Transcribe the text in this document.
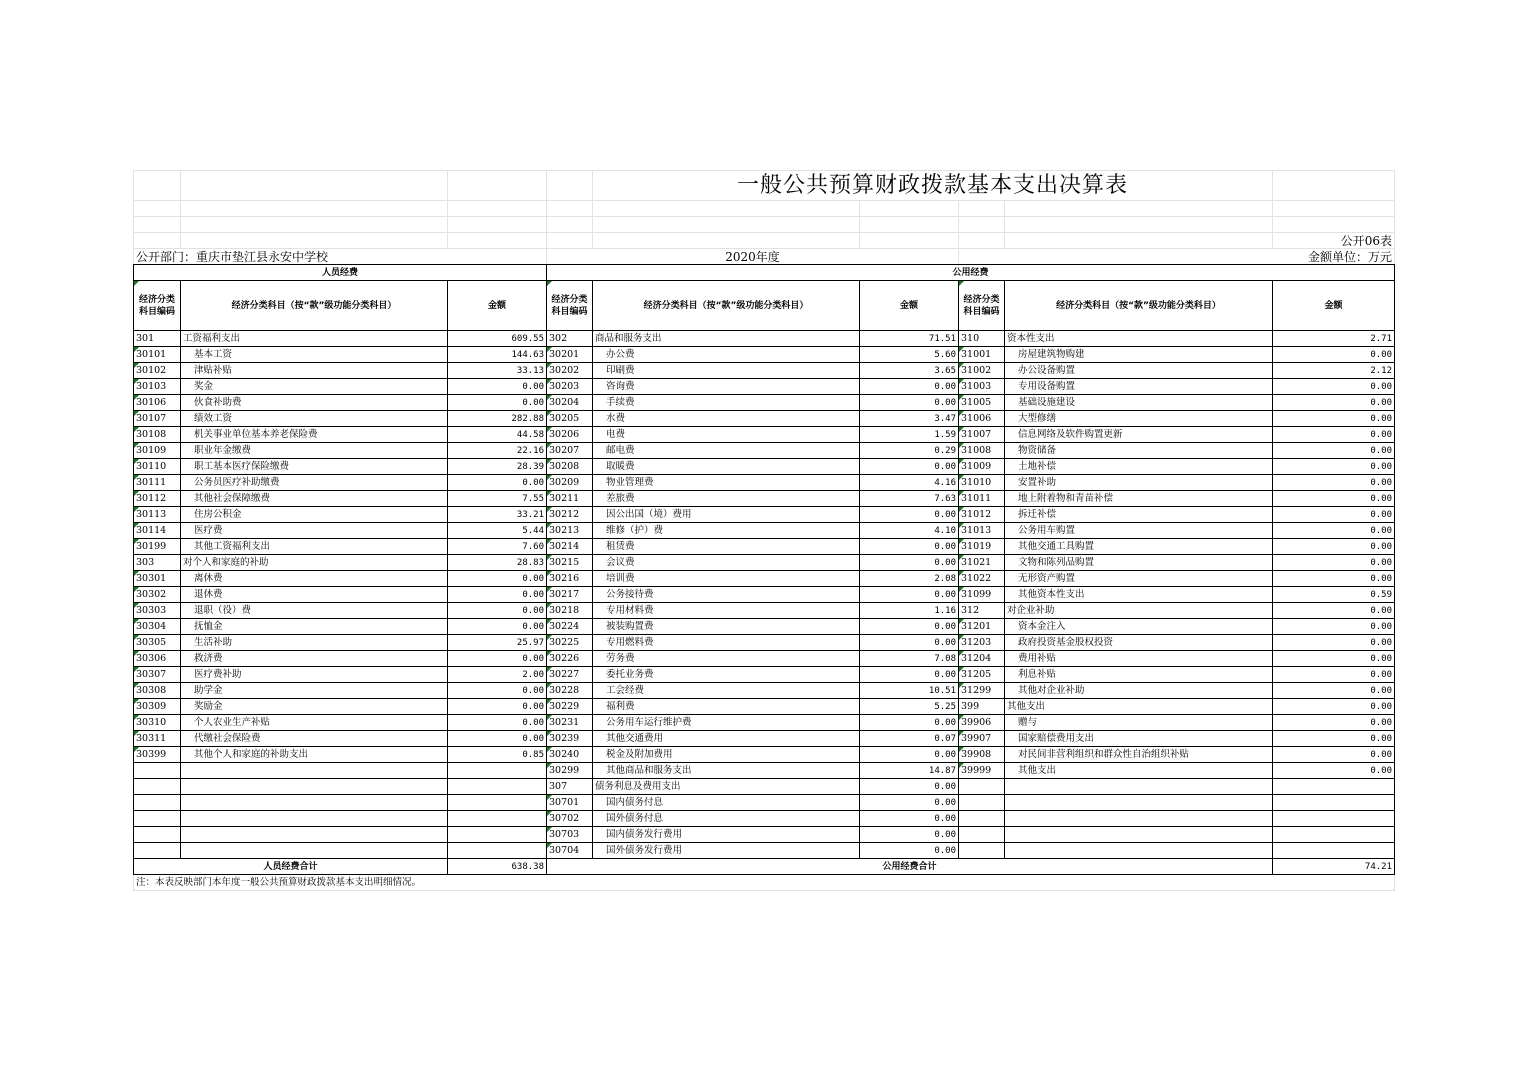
				一般公共预算财政拨款基本支出决算表				

								公开06表
公开部门：重庆市垫江县永安中学校			2020年度			金额单位：万元		
人员经费			公用经费					
经济分类科目编码	经济分类科目（按“款”级功能分类科目）	金额	经济分类科目编码	经济分类科目（按“款”级功能分类科目）	金额	经济分类科目编码	经济分类科目（按“款”级功能分类科目）	金额
301	工资福利支出	609.55	302	商品和服务支出	71.51	310	资本性支出	2.71
30101	基本工资	144.63	30201	办公费	5.60	31001	房屋建筑物购建	0.00
30102	津贴补贴	33.13	30202	印刷费	3.65	31002	办公设备购置	2.12
30103	奖金	0.00	30203	咨询费	0.00	31003	专用设备购置	0.00
30106	伙食补助费	0.00	30204	手续费	0.00	31005	基础设施建设	0.00
30107	绩效工资	282.88	30205	水费	3.47	31006	大型修缮	0.00
30108	机关事业单位基本养老保险费	44.58	30206	电费	1.59	31007	信息网络及软件购置更新	0.00
30109	职业年金缴费	22.16	30207	邮电费	0.29	31008	物资储备	0.00
30110	职工基本医疗保险缴费	28.39	30208	取暖费	0.00	31009	土地补偿	0.00
30111	公务员医疗补助缴费	0.00	30209	物业管理费	4.16	31010	安置补助	0.00
30112	其他社会保障缴费	7.55	30211	差旅费	7.63	31011	地上附着物和青苗补偿	0.00
30113	住房公积金	33.21	30212	因公出国（境）费用	0.00	31012	拆迁补偿	0.00
30114	医疗费	5.44	30213	维修（护）费	4.10	31013	公务用车购置	0.00
30199	其他工资福利支出	7.60	30214	租赁费	0.00	31019	其他交通工具购置	0.00
303	对个人和家庭的补助	28.83	30215	会议费	0.00	31021	文物和陈列品购置	0.00
30301	离休费	0.00	30216	培训费	2.08	31022	无形资产购置	0.00
30302	退休费	0.00	30217	公务接待费	0.00	31099	其他资本性支出	0.59
30303	退职（役）费	0.00	30218	专用材料费	1.16	312	对企业补助	0.00
30304	抚恤金	0.00	30224	被装购置费	0.00	31201	资本金注入	0.00
30305	生活补助	25.97	30225	专用燃料费	0.00	31203	政府投资基金股权投资	0.00
30306	救济费	0.00	30226	劳务费	7.08	31204	费用补贴	0.00
30307	医疗费补助	2.00	30227	委托业务费	0.00	31205	利息补贴	0.00
30308	助学金	0.00	30228	工会经费	10.51	31299	其他对企业补助	0.00
30309	奖励金	0.00	30229	福利费	5.25	399	其他支出	0.00
30310	个人农业生产补贴	0.00	30231	公务用车运行维护费	0.00	39906	赠与	0.00
30311	代缴社会保险费	0.00	30239	其他交通费用	0.07	39907	国家赔偿费用支出	0.00
30399	其他个人和家庭的补助支出	0.85	30240	税金及附加费用	0.00	39908	对民间非营利组织和群众性自治组织补贴	0.00
			30299	其他商品和服务支出	14.87	39999	其他支出	0.00
			307	债务利息及费用支出	0.00			
			30701	国内债务付息	0.00			
			30702	国外债务付息	0.00			
			30703	国内债务发行费用	0.00			
			30704	国外债务发行费用	0.00			
人员经费合计		638.38	公用经费合计					74.21
注：本表反映部门本年度一般公共预算财政拨款基本支出明细情况。								
